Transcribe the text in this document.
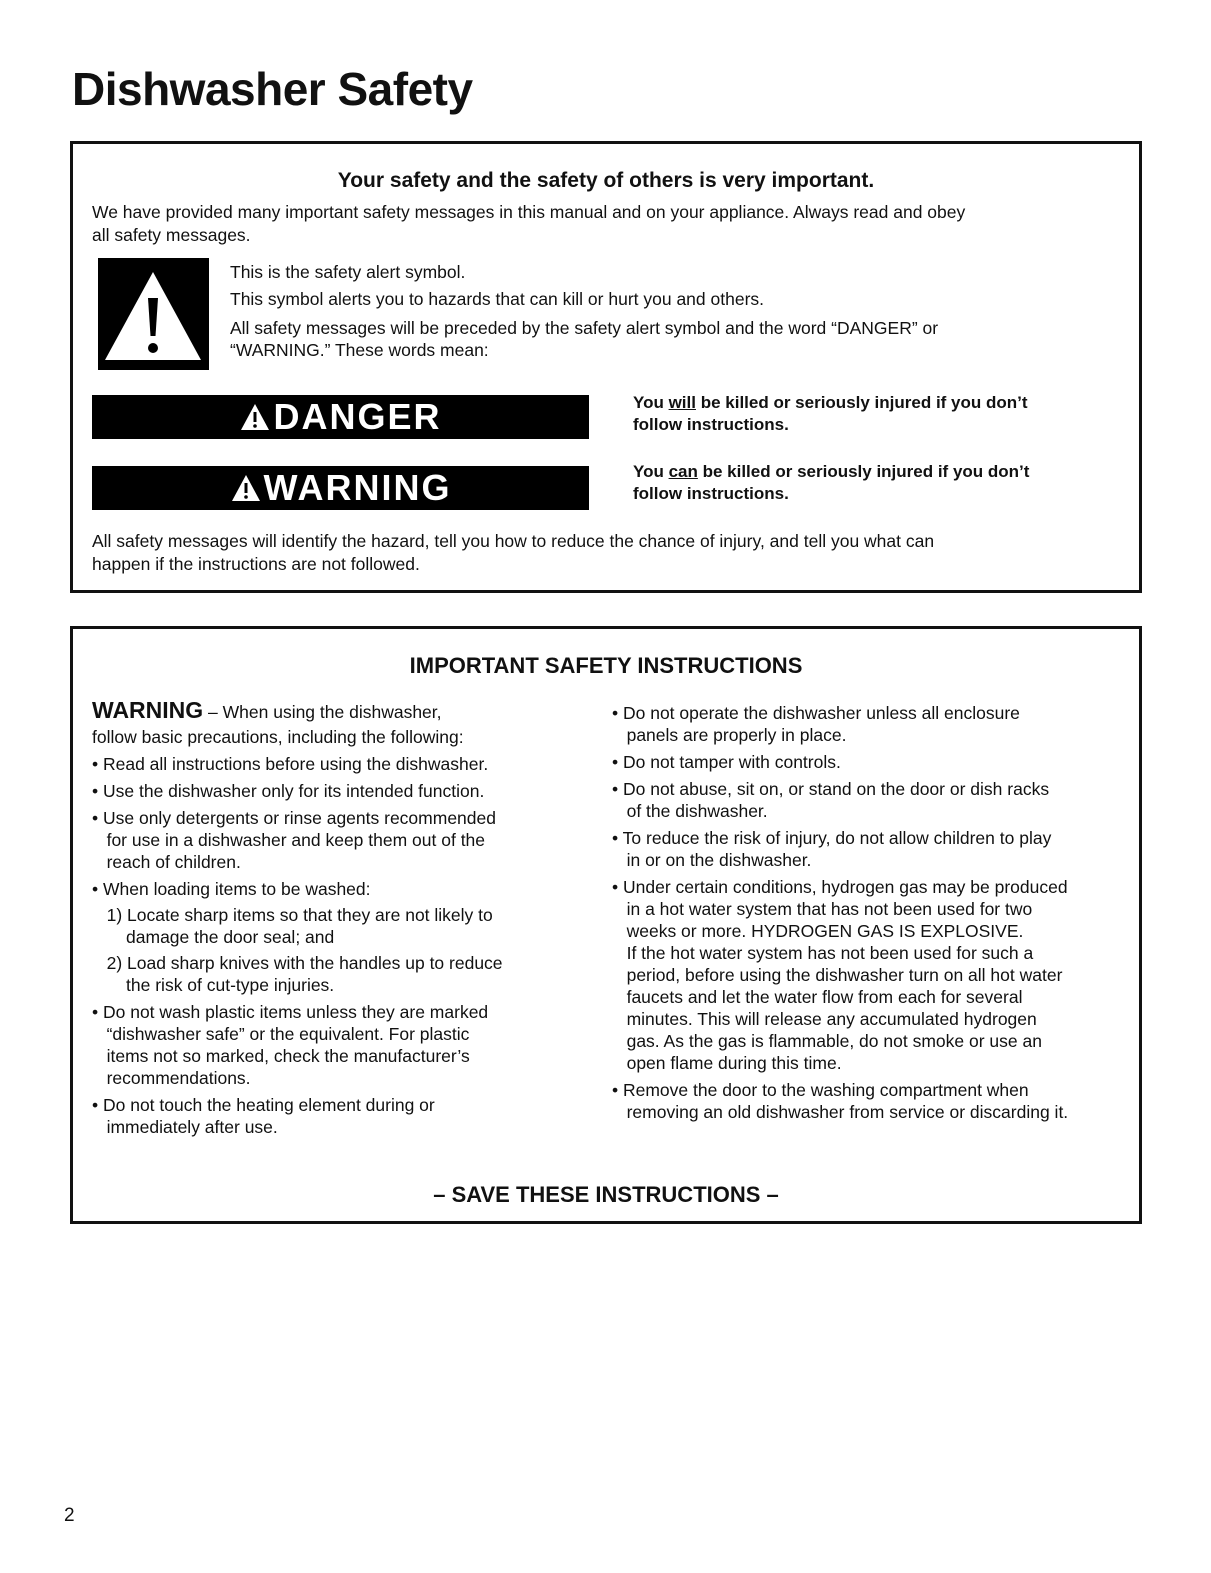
Dishwasher Safety
Your safety and the safety of others is very important.
We have provided many important safety messages in this manual and on your appliance. Always read and obey
all safety messages.
This is the safety alert symbol.
This symbol alerts you to hazards that can kill or hurt you and others.
All safety messages will be preceded by the safety alert symbol and the word “DANGER” or
“WARNING.” These words mean:
DANGER	You will be killed or seriously injured if you don’t
follow instructions.
WARNING	You can be killed or seriously injured if you don’t
follow instructions.
All safety messages will identify the hazard, tell you how to reduce the chance of injury, and tell you what can
happen if the instructions are not followed.
IMPORTANT SAFETY INSTRUCTIONS
WARNING – When using the dishwasher,
follow basic precautions, including the following:
• Read all instructions before using the dishwasher.
• Use the dishwasher only for its intended function.
• Use only detergents or rinse agents recommended
for use in a dishwasher and keep them out of the
reach of children.
• When loading items to be washed:
1) Locate sharp items so that they are not likely to
damage the door seal; and
2) Load sharp knives with the handles up to reduce
the risk of cut-type injuries.
• Do not wash plastic items unless they are marked
“dishwasher safe” or the equivalent. For plastic
items not so marked, check the manufacturer’s
recommendations.
• Do not touch the heating element during or
immediately after use.
• Do not operate the dishwasher unless all enclosure
panels are properly in place.
• Do not tamper with controls.
• Do not abuse, sit on, or stand on the door or dish racks
of the dishwasher.
• To reduce the risk of injury, do not allow children to play
in or on the dishwasher.
• Under certain conditions, hydrogen gas may be produced
in a hot water system that has not been used for two
weeks or more. HYDROGEN GAS IS EXPLOSIVE.
If the hot water system has not been used for such a
period, before using the dishwasher turn on all hot water
faucets and let the water flow from each for several
minutes. This will release any accumulated hydrogen
gas. As the gas is flammable, do not smoke or use an
open flame during this time.
• Remove the door to the washing compartment when
removing an old dishwasher from service or discarding it.
– SAVE THESE INSTRUCTIONS –
2
